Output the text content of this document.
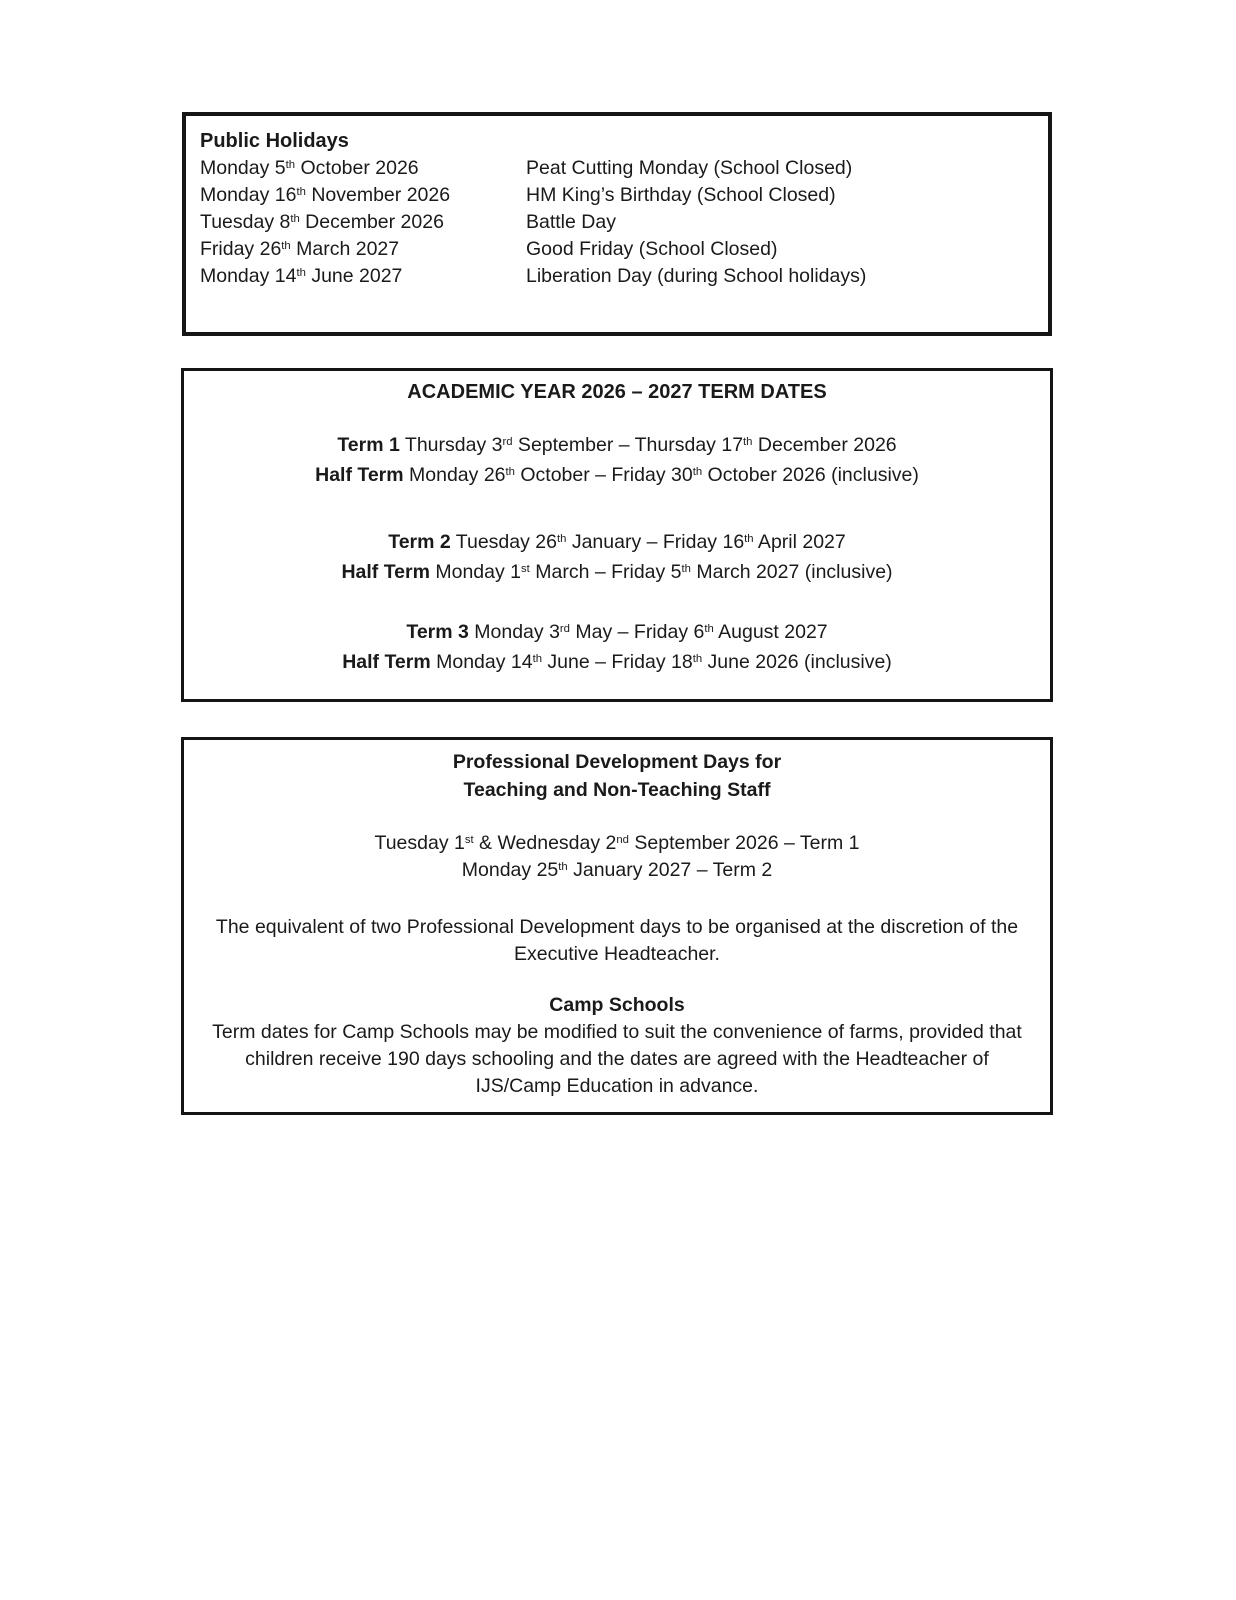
Public Holidays
Monday 5th October 2026	Peat Cutting Monday (School Closed)
Monday 16th November 2026	HM King’s Birthday (School Closed)
Tuesday 8th December 2026	Battle Day
Friday 26th March 2027	Good Friday (School Closed)
Monday 14th June 2027	Liberation Day (during School holidays)
ACADEMIC YEAR 2026 – 2027 TERM DATES
Term 1 Thursday 3rd September – Thursday 17th December 2026
Half Term Monday 26th October – Friday 30th October 2026 (inclusive)
Term 2 Tuesday 26th January – Friday 16th April 2027
Half Term Monday 1st March – Friday 5th March 2027 (inclusive)
Term 3 Monday 3rd May – Friday 6th August 2027
Half Term Monday 14th June – Friday 18th June 2026 (inclusive)
Professional Development Days for
Teaching and Non-Teaching Staff
Tuesday 1st & Wednesday 2nd September 2026 – Term 1
Monday 25th January 2027 – Term 2
The equivalent of two Professional Development days to be organised at the discretion of the
Executive Headteacher.
Camp Schools
Term dates for Camp Schools may be modified to suit the convenience of farms, provided that
children receive 190 days schooling and the dates are agreed with the Headteacher of
IJS/Camp Education in advance.
